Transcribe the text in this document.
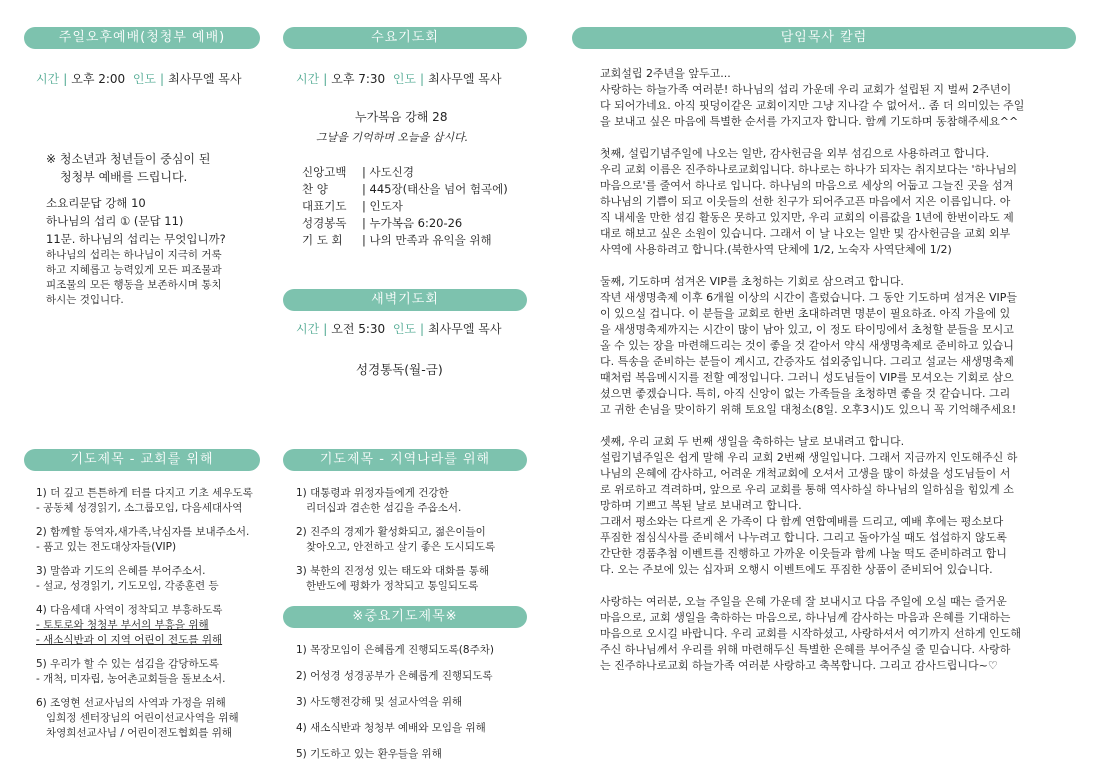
주일오후예배(청청부 예배)
시간 | 오후 2:00 인도 | 최사무엘 목사
※ 청소년과 청년들이 중심이 된
청청부 예배를 드립니다.
소요리문답 강해 10
하나님의 섭리 ① (문답 11)
11문. 하나님의 섭리는 무엇입니까?
하나님의 섭리는 하나님이 지극히 거룩
하고 지혜롭고 능력있게 모든 피조물과
피조물의 모든 행동을 보존하시며 통치
하시는 것입니다.
수요기도회
시간 | 오후 7:30 인도 | 최사무엘 목사
누가복음 강해 28
그날을 기억하며 오늘을 삽시다.
신앙고백 | 사도신경
찬 양	| 445장(태산을 넘어 험곡에)
대표기도 | 인도자
성경봉독 | 누가복음 6:20-26
기 도 회 | 나의 만족과 유익을 위해
새벽기도회
시간 | 오전 5:30 인도 | 최사무엘 목사
성경통독(월-금)
기도제목 - 교회를 위해
1) 더 깊고 튼튼하게 터를 다지고 기초 세우도록
- 공동체 성경읽기, 소그룹모임, 다음세대사역
2) 함께할 동역자,새가족,낙심자를 보내주소서.
- 품고 있는 전도대상자들(VIP)
3) 말씀과 기도의 은혜를 부어주소서.
- 설교, 성경읽기, 기도모임, 각종훈련 등
4) 다음세대 사역이 정착되고 부흥하도록
- 토토로와 청청부 부서의 부흥을 위해
- 새소식반과 이 지역 어린이 전도를 위해
5) 우리가 할 수 있는 섬김을 감당하도록
- 개척, 미자립, 농어촌교회들을 돌보소서.
6) 조영현 선교사님의 사역과 가정을 위해
임희정 센터장님의 어린이선교사역을 위해
차영희선교사님 / 어린이전도협회를 위해
기도제목 - 지역나라를 위해
1) 대통령과 위정자들에게 건강한
리더십과 겸손한 섬김을 주옵소서.
2) 진주의 경제가 활성화되고, 젊은이들이
찾아오고, 안전하고 살기 좋은 도시되도록
3) 북한의 진정성 있는 태도와 대화를 통해
한반도에 평화가 정착되고 통일되도록
※중요기도제목※
1) 목장모임이 은혜롭게 진행되도록(8주차)
2) 어성경 성경공부가 은혜롭게 진행되도록
3) 사도행전강해 및 설교사역을 위해
4) 새소식반과 청청부 예배와 모임을 위해
5) 기도하고 있는 환우들을 위해
담임목사 칼럼

교회설립 2주년을 앞두고...
사랑하는 하늘가족 여러분! 하나님의 섭리 가운데 우리 교회가 설립된 지 벌써 2주년이
다 되어가네요. 아직 핏덩이같은 교회이지만 그냥 지나갈 수 없어서.. 좀 더 의미있는 주일
을 보내고 싶은 마음에 특별한 순서를 가지고자 합니다. 함께 기도하며 동참해주세요^^

첫째, 설립기념주일에 나오는 일반, 감사헌금을 외부 섬김으로 사용하려고 합니다.
우리 교회 이름은 진주하나로교회입니다. 하나로는 하나가 되자는 취지보다는 '하나님의
마음으로'를 줄여서 하나로 입니다. 하나님의 마음으로 세상의 어둡고 그늘진 곳을 섬겨
하나님의 기쁨이 되고 이웃들의 선한 친구가 되어주고픈 마음에서 지은 이름입니다. 아
직 내세울 만한 섬김 활동은 못하고 있지만, 우리 교회의 이름값을 1년에 한번이라도 제
대로 해보고 싶은 소원이 있습니다. 그래서 이 날 나오는 일반 및 감사헌금을 교회 외부
사역에 사용하려고 합니다.(북한사역 단체에 1/2, 노숙자 사역단체에 1/2)

둘째, 기도하며 섬겨온 VIP를 초청하는 기회로 삼으려고 합니다.
작년 새생명축제 이후 6개월 이상의 시간이 흘렀습니다. 그 동안 기도하며 섬겨온 VIP들
이 있으실 겁니다. 이 분들을 교회로 한번 초대하려면 명분이 필요하죠. 아직 가을에 있
을 새생명축제까지는 시간이 많이 남아 있고, 이 정도 타이밍에서 초청할 분들을 모시고
올 수 있는 장을 마련해드리는 것이 좋을 것 같아서 약식 새생명축제로 준비하고 있습니
다. 특송을 준비하는 분들이 계시고, 간증자도 섭외중입니다. 그리고 설교는 새생명축제
때처럼 복음메시지를 전할 예정입니다. 그러니 성도님들이 VIP를 모셔오는 기회로 삼으
셨으면 좋겠습니다. 특히, 아직 신앙이 없는 가족들을 초청하면 좋을 것 같습니다. 그리
고 귀한 손님을 맞이하기 위해 토요일 대청소(8일. 오후3시)도 있으니 꼭 기억해주세요!

셋째, 우리 교회 두 번째 생일을 축하하는 날로 보내려고 합니다.
설립기념주일은 쉽게 말해 우리 교회 2번째 생일입니다. 그래서 지금까지 인도해주신 하
나님의 은혜에 감사하고, 어려운 개척교회에 오셔서 고생을 많이 하셨을 성도님들이 서
로 위로하고 격려하며, 앞으로 우리 교회를 통해 역사하실 하나님의 일하심을 힘있게 소
망하며 기쁘고 복된 날로 보내려고 합니다.
그래서 평소와는 다르게 온 가족이 다 함께 연합예배를 드리고, 예배 후에는 평소보다
푸짐한 점심식사를 준비해서 나누려고 합니다. 그리고 돌아가실 때도 섭섭하지 않도록
간단한 경품추첨 이벤트를 진행하고 가까운 이웃들과 함께 나눌 떡도 준비하려고 합니
다. 오는 주보에 있는 십자퍼 오행시 이벤트에도 푸짐한 상품이 준비되어 있습니다.

사랑하는 여러분, 오늘 주일을 은혜 가운데 잘 보내시고 다음 주일에 오실 때는 즐거운
마음으로, 교회 생일을 축하하는 마음으로, 하나님께 감사하는 마음과 은혜를 기대하는
마음으로 오시길 바랍니다. 우리 교회를 시작하셨고, 사랑하셔서 여기까지 선하게 인도해
주신 하나님께서 우리를 위해 마련해두신 특별한 은혜를 부어주실 줄 믿습니다. 사랑하
는 진주하나로교회 하늘가족 여러분 사랑하고 축복합니다. 그리고 감사드립니다~♡
